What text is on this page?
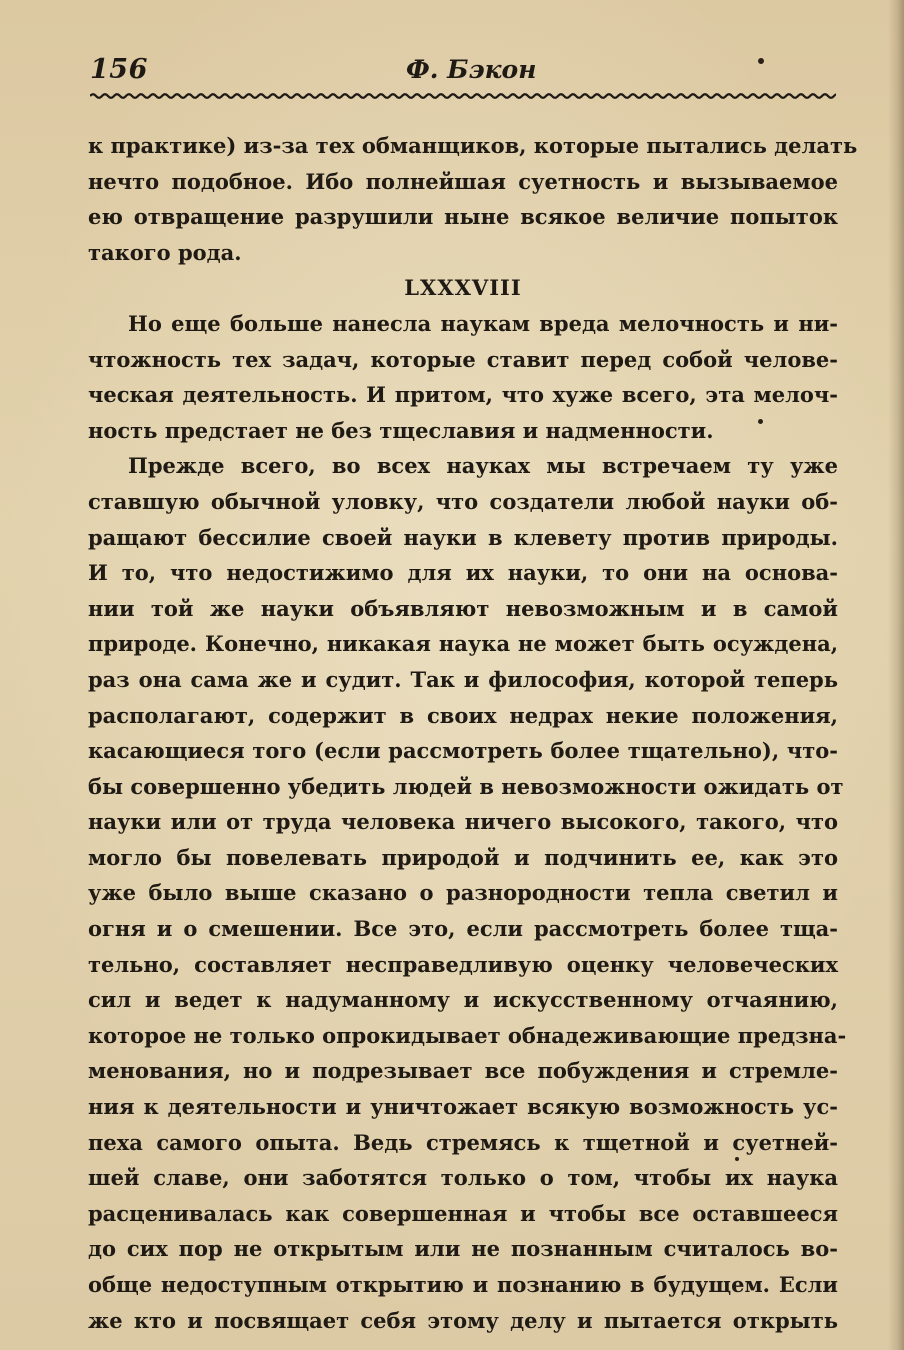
156	Ф. Бэкон
к практике) из-за тех обманщиков, которые пытались делать
нечто подобное. Ибо полнейшая суетность и вызываемое
ею отвращение разрушили ныне всякое величие попыток
такого рода.
LXXXVIII
Но еще больше нанесла наукам вреда мелочность и ни-
чтожность тех задач, которые ставит перед собой челове-
ческая деятельность. И притом, что хуже всего, эта мелоч-
ность предстает не без тщеславия и надменности.
Прежде всего, во всех науках мы встречаем ту уже
ставшую обычной уловку, что создатели любой науки об-
ращают бессилие своей науки в клевету против природы.
И то, что недостижимо для их науки, то они на основа-
нии той же науки объявляют невозможным и в самой
природе. Конечно, никакая наука не может быть осуждена,
раз она сама же и судит. Так и философия, которой теперь
располагают, содержит в своих недрах некие положения,
касающиеся того (если рассмотреть более тщательно), что-
бы совершенно убедить людей в невозможности ожидать от
науки или от труда человека ничего высокого, такого, что
могло бы повелевать природой и подчинить ее, как это
уже было выше сказано о разнородности тепла светил и
огня и о смешении. Все это, если рассмотреть более тща-
тельно, составляет несправедливую оценку человеческих
сил и ведет к надуманному и искусственному отчаянию,
которое не только опрокидывает обнадеживающие предзна-
менования, но и подрезывает все побуждения и стремле-
ния к деятельности и уничтожает всякую возможность ус-
пеха самого опыта. Ведь стремясь к тщетной и суетней-
шей славе, они заботятся только о том, чтобы их наука
расценивалась как совершенная и чтобы все оставшееся
до сих пор не открытым или не познанным считалось во-
обще недоступным открытию и познанию в будущем. Если
же кто и посвящает себя этому делу и пытается открыть
